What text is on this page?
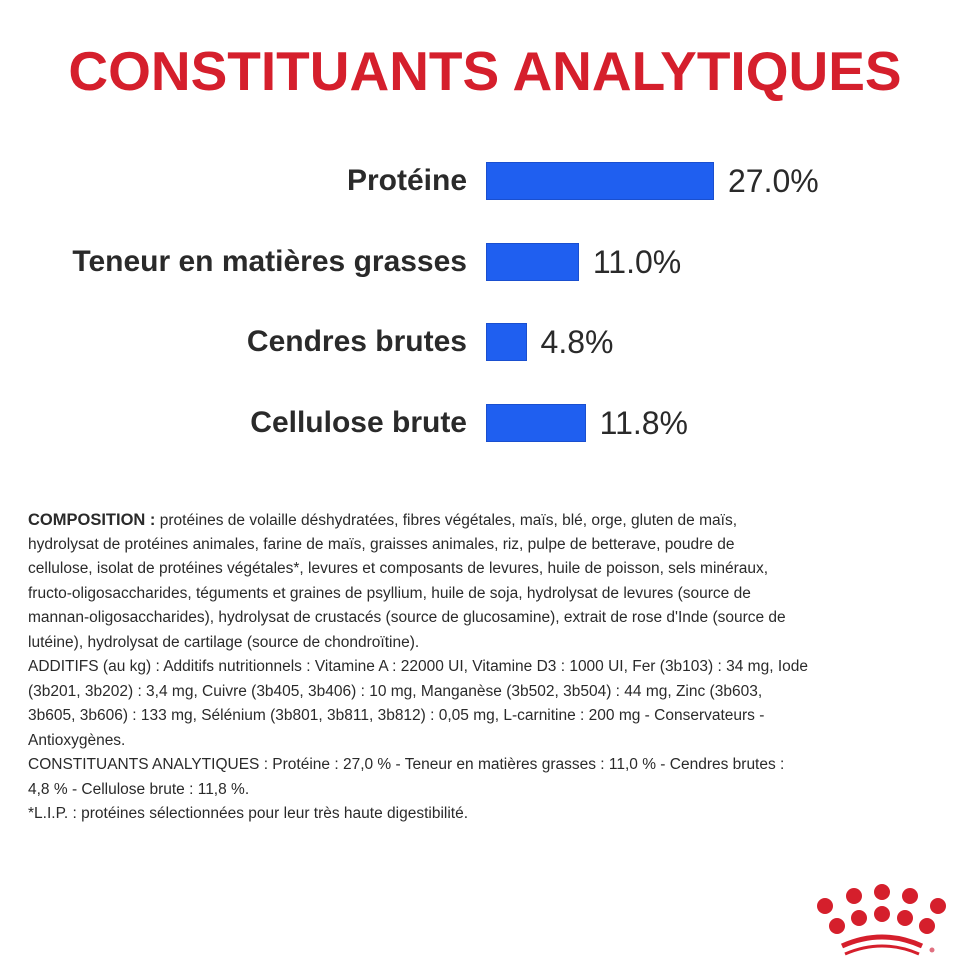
CONSTITUANTS ANALYTIQUES
Protéine	27.0%
Teneur en matières grasses	11.0%
Cendres brutes 4.8%
Cellulose brute	11.8%
COMPOSITION : protéines de volaille déshydratées, fibres végétales, maïs, blé, orge, gluten de maïs,
hydrolysat de protéines animales, farine de maïs, graisses animales, riz, pulpe de betterave, poudre de
cellulose, isolat de protéines végétales*, levures et composants de levures, huile de poisson, sels minéraux,
fructo-oligosaccharides, téguments et graines de psyllium, huile de soja, hydrolysat de levures (source de
mannan-oligosaccharides), hydrolysat de crustacés (source de glucosamine), extrait de rose d'Inde (source de
lutéine), hydrolysat de cartilage (source de chondroïtine).
ADDITIFS (au kg) : Additifs nutritionnels : Vitamine A : 22000 UI, Vitamine D3 : 1000 UI, Fer (3b103) : 34 mg, Iode
(3b201, 3b202) : 3,4 mg, Cuivre (3b405, 3b406) : 10 mg, Manganèse (3b502, 3b504) : 44 mg, Zinc (3b603,
3b605, 3b606) : 133 mg, Sélénium (3b801, 3b811, 3b812) : 0,05 mg, L-carnitine : 200 mg - Conservateurs -
Antioxygènes.
CONSTITUANTS ANALYTIQUES : Protéine : 27,0 % - Teneur en matières grasses : 11,0 % - Cendres brutes :
4,8 % - Cellulose brute : 11,8 %.
*L.I.P. : protéines sélectionnées pour leur très haute digestibilité.
